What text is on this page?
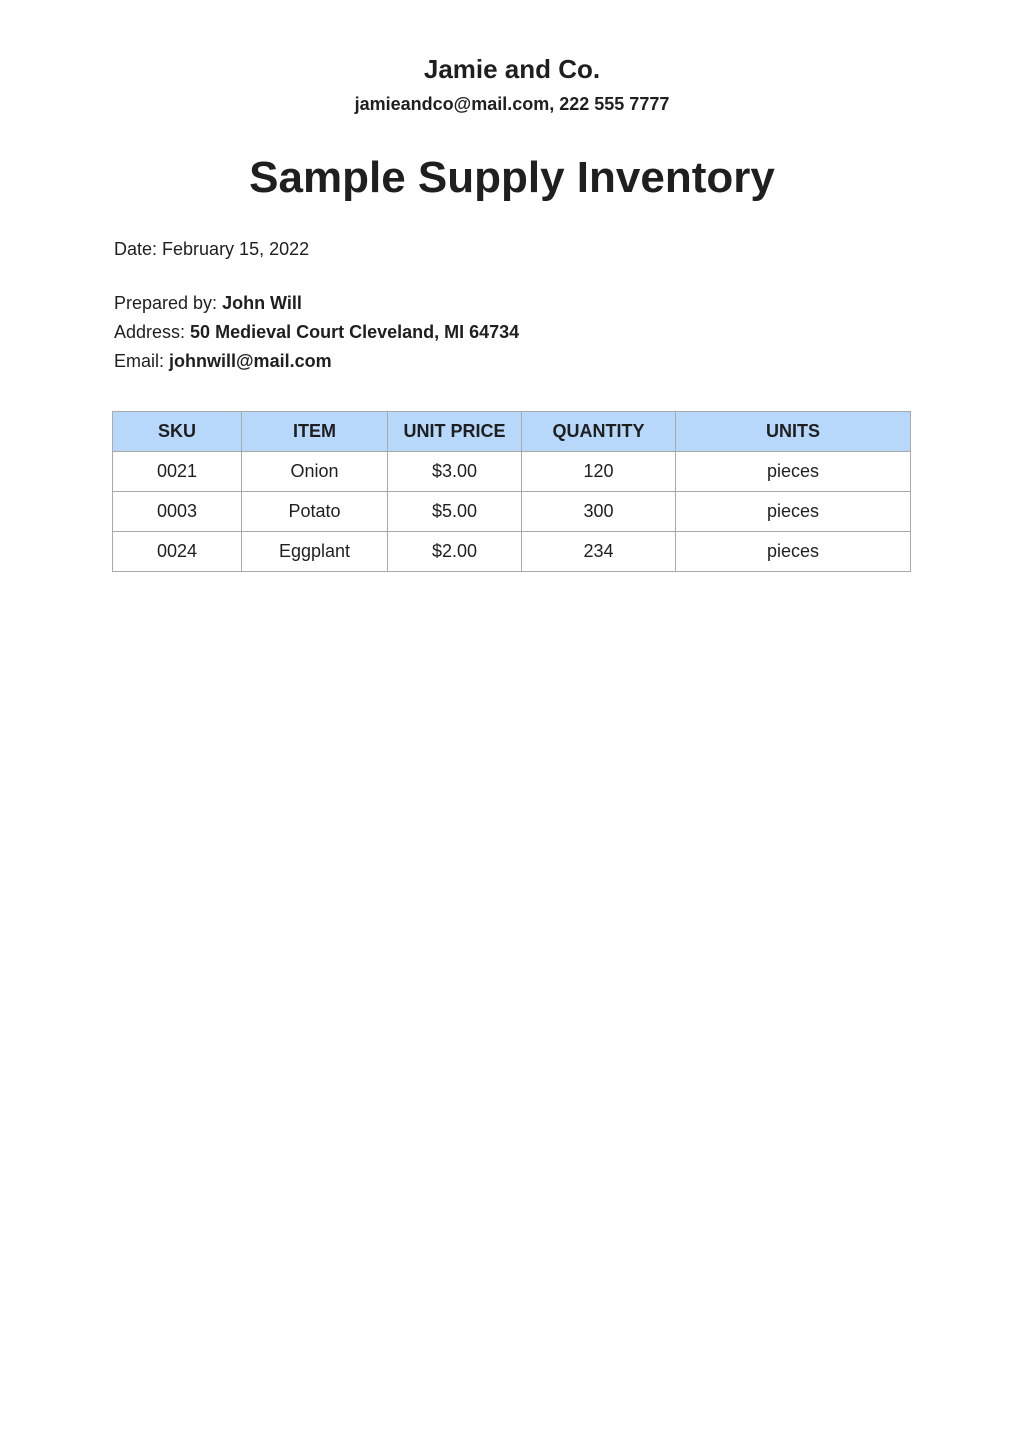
Jamie and Co.
jamieandco@mail.com, 222 555 7777
Sample Supply Inventory
Date: February 15, 2022
Prepared by: John Will
Address: 50 Medieval Court Cleveland, MI 64734
Email: johnwill@mail.com
SKU	ITEM	UNIT PRICE	QUANTITY	UNITS
0021	Onion	$3.00	120	pieces
0003	Potato	$5.00	300	pieces
0024	Eggplant	$2.00	234	pieces
